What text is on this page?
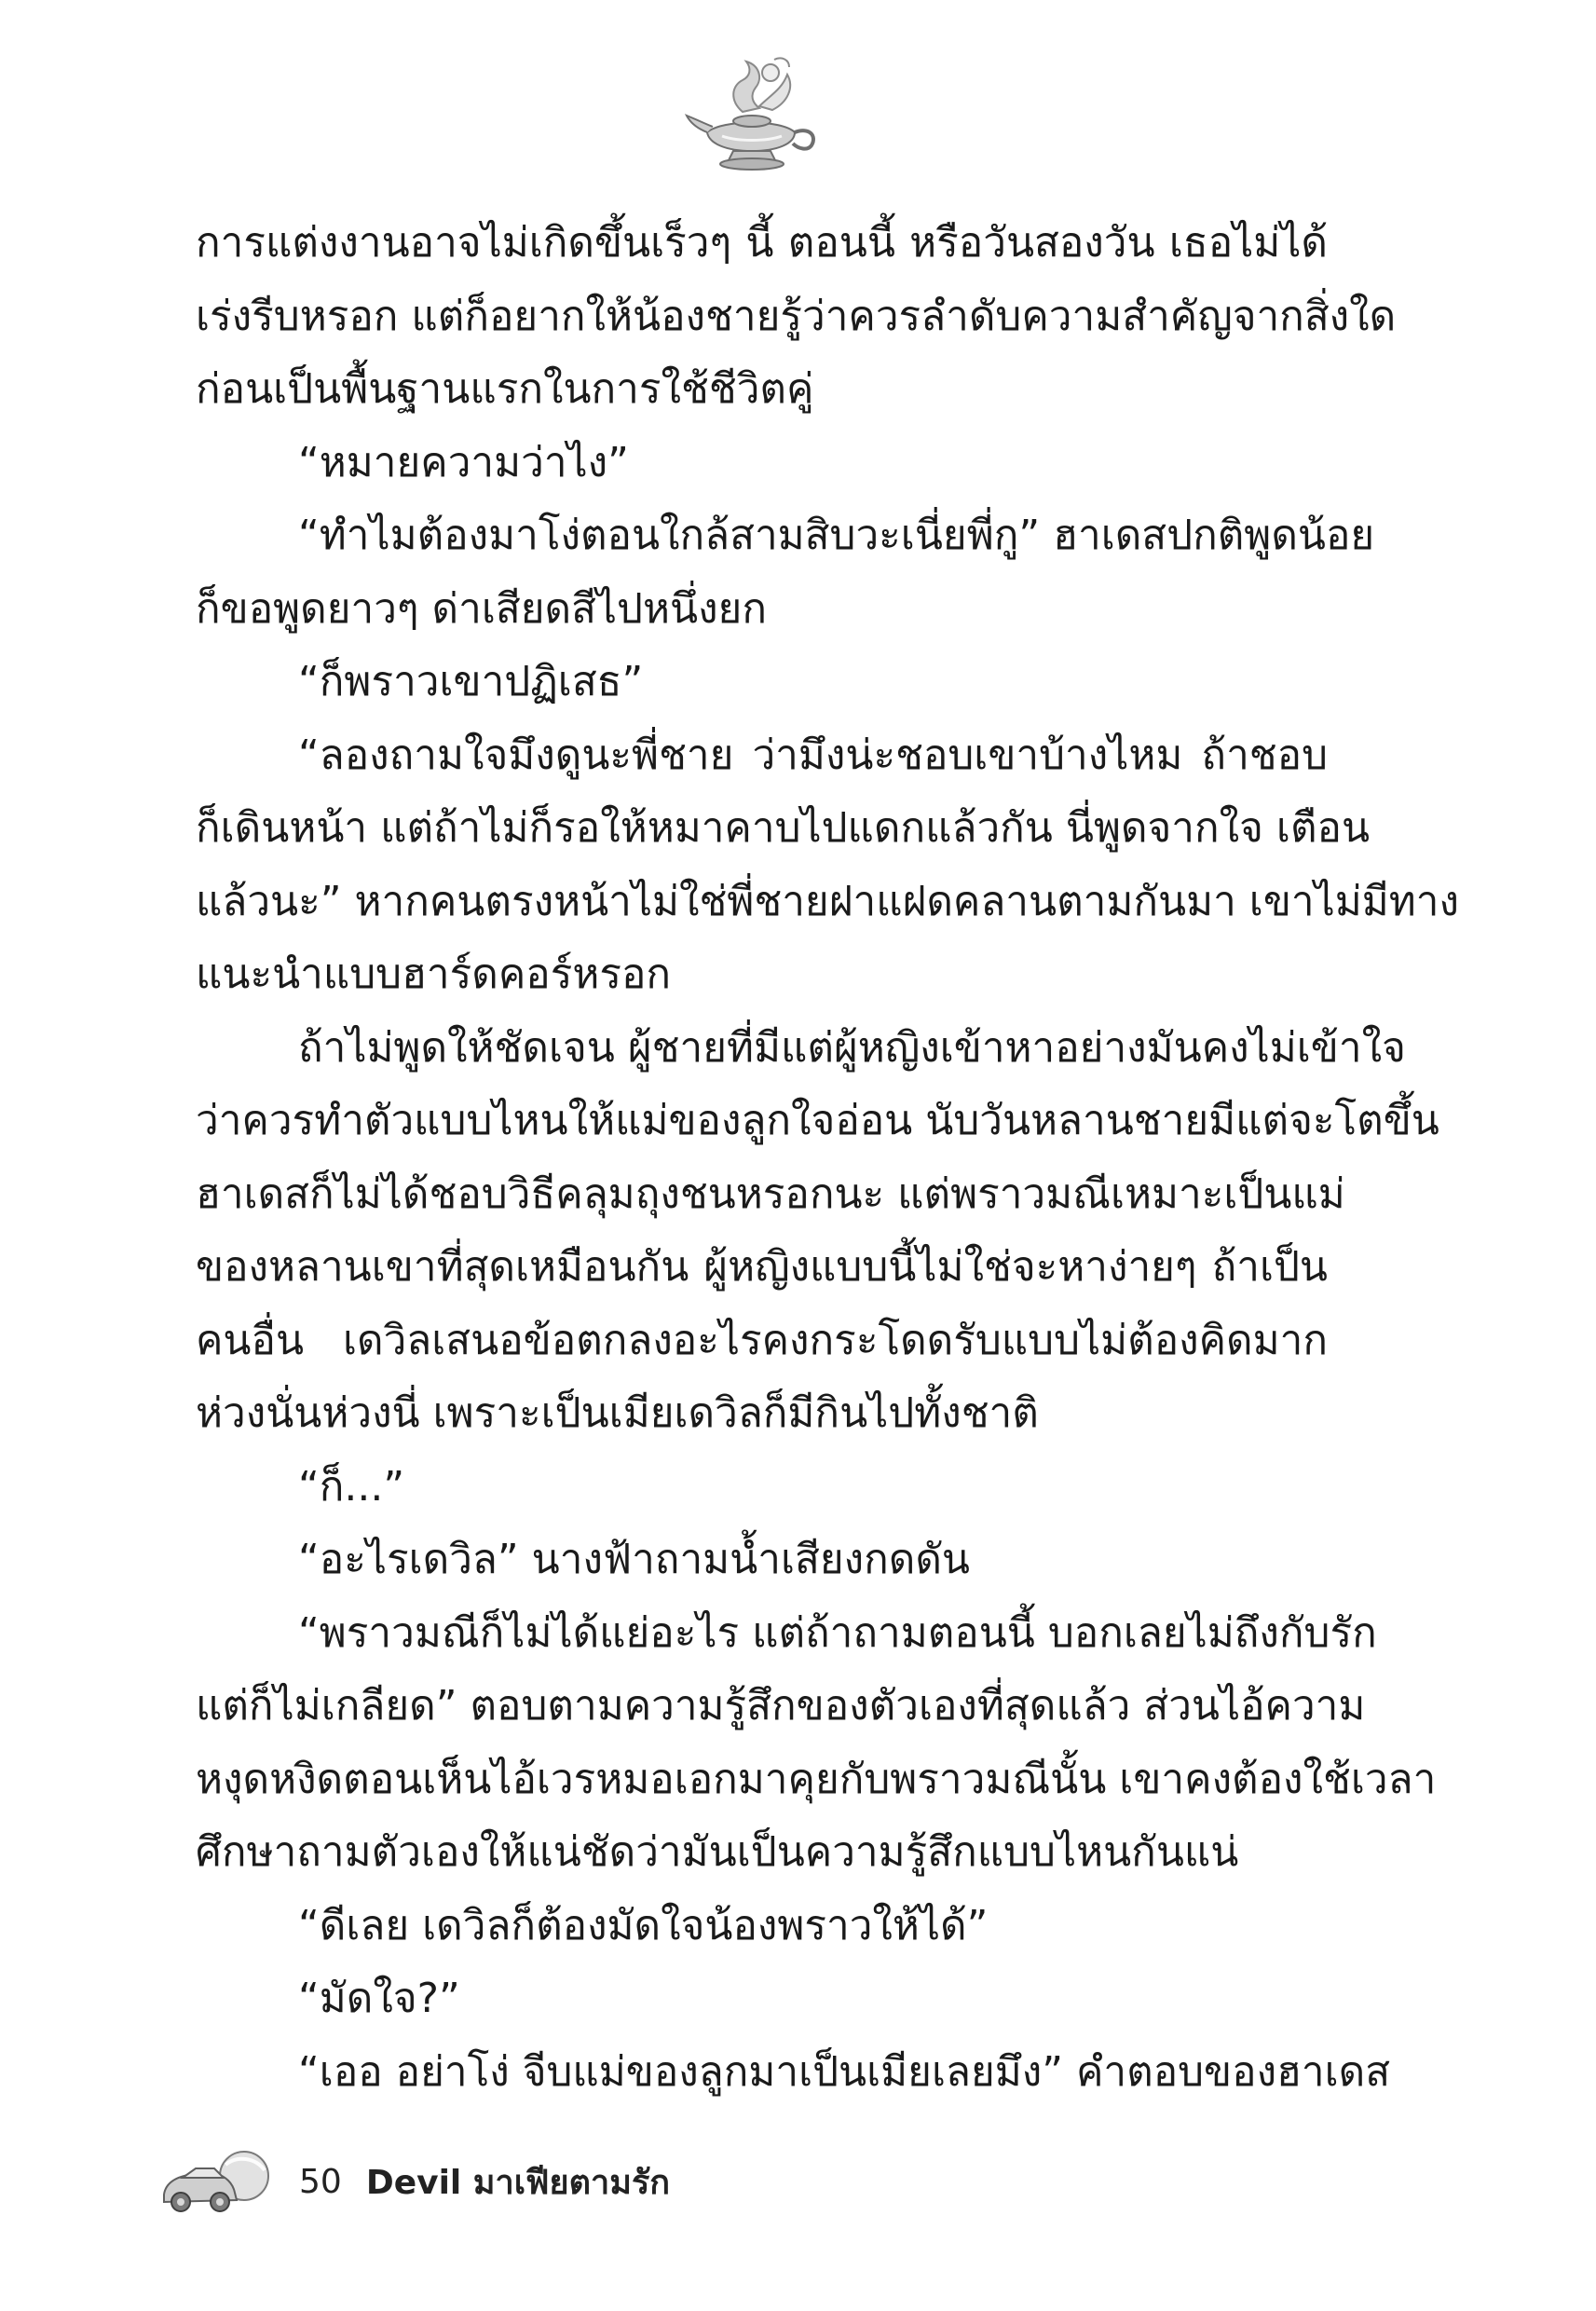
การแต่งงานอาจไม่เกิดขึ้นเร็วๆ นี้ ตอนนี้ หรือวันสองวัน เธอไม่ได้
เร่งรีบหรอก แต่ก็อยากให้น้องชายรู้ว่าควรลำดับความสำคัญจากสิ่งใด
ก่อนเป็นพื้นฐานแรกในการใช้ชีวิตคู่
“หมายความว่าไง”
“ทำไมต้องมาโง่ตอนใกล้สามสิบวะเนี่ยพี่กู” ฮาเดสปกติพูดน้อย
ก็ขอพูดยาวๆ ด่าเสียดสีไปหนึ่งยก
“ก็พราวเขาปฏิเสธ”
“ลองถามใจมึงดูนะพี่ชาย ว่ามึงน่ะชอบเขาบ้างไหม ถ้าชอบ
ก็เดินหน้า แต่ถ้าไม่ก็รอให้หมาคาบไปแดกแล้วกัน นี่พูดจากใจ เตือน
แล้วนะ” หากคนตรงหน้าไม่ใช่พี่ชายฝาแฝดคลานตามกันมา เขาไม่มีทาง
แนะนำแบบฮาร์ดคอร์หรอก
ถ้าไม่พูดให้ชัดเจน ผู้ชายที่มีแต่ผู้หญิงเข้าหาอย่างมันคงไม่เข้าใจ
ว่าควรทำตัวแบบไหนให้แม่ของลูกใจอ่อน นับวันหลานชายมีแต่จะโตขึ้น
ฮาเดสก็ไม่ได้ชอบวิธีคลุมถุงชนหรอกนะ แต่พราวมณีเหมาะเป็นแม่
ของหลานเขาที่สุดเหมือนกัน ผู้หญิงแบบนี้ไม่ใช่จะหาง่ายๆ ถ้าเป็น
คนอื่น เดวิลเสนอข้อตกลงอะไรคงกระโดดรับแบบไม่ต้องคิดมาก
ห่วงนั่นห่วงนี่ เพราะเป็นเมียเดวิลก็มีกินไปทั้งชาติ
“ก็...”
“อะไรเดวิล” นางฟ้าถามน้ำเสียงกดดัน
“พราวมณีก็ไม่ได้แย่อะไร แต่ถ้าถามตอนนี้ บอกเลยไม่ถึงกับรัก
แต่ก็ไม่เกลียด” ตอบตามความรู้สึกของตัวเองที่สุดแล้ว ส่วนไอ้ความ
หงุดหงิดตอนเห็นไอ้เวรหมอเอกมาคุยกับพราวมณีนั้น เขาคงต้องใช้เวลา
ศึกษาถามตัวเองให้แน่ชัดว่ามันเป็นความรู้สึกแบบไหนกันแน่
“ดีเลย เดวิลก็ต้องมัดใจน้องพราวให้ได้”
“มัดใจ?”
“เออ อย่าโง่ จีบแม่ของลูกมาเป็นเมียเลยมึง” คำตอบของฮาเดส
50 Devil มาเฟียตามรัก
